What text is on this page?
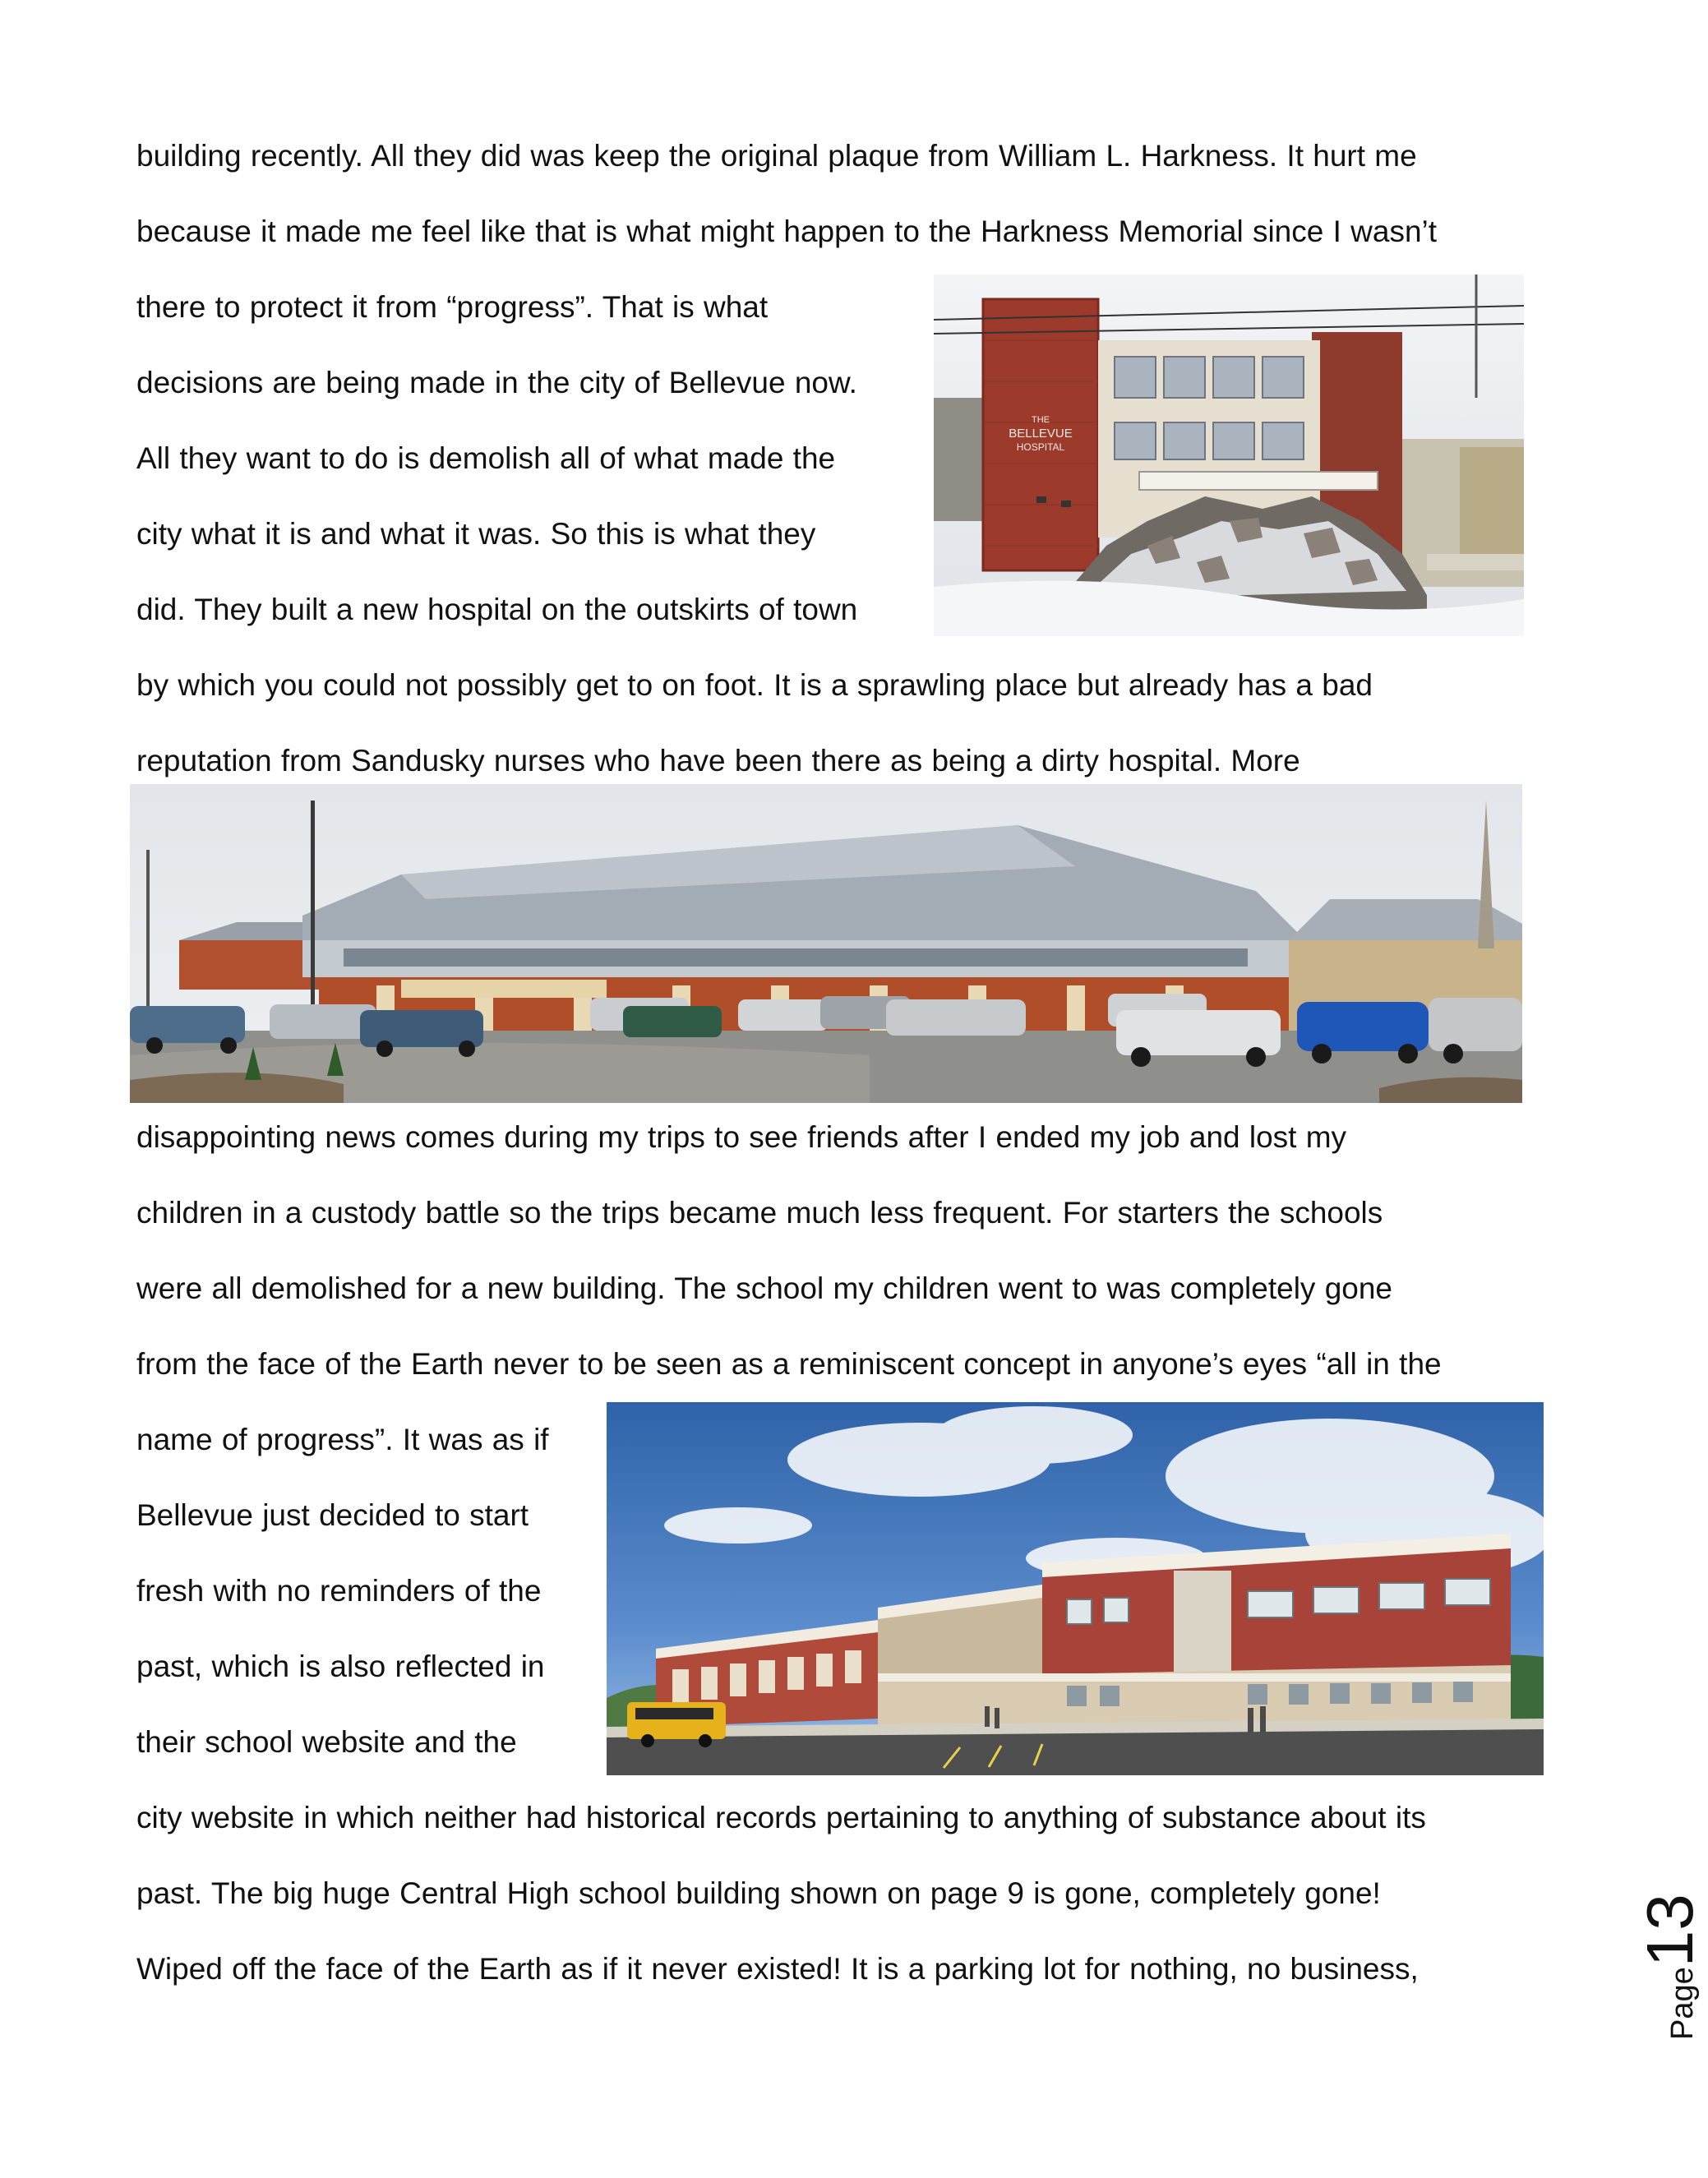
building recently. All they did was keep the original plaque from William L. Harkness. It hurt me
because it made me feel like that is what might happen to the Harkness Memorial since I wasn’t
there to protect it from “progress”. That is what
decisions are being made in the city of Bellevue now.
All they want to do is demolish all of what made the
city what it is and what it was. So this is what they
did. They built a new hospital on the outskirts of town
by which you could not possibly get to on foot. It is a sprawling place but already has a bad
reputation from Sandusky nurses who have been there as being a dirty hospital. More
disappointing news comes during my trips to see friends after I ended my job and lost my
children in a custody battle so the trips became much less frequent. For starters the schools
were all demolished for a new building. The school my children went to was completely gone
from the face of the Earth never to be seen as a reminiscent concept in anyone’s eyes “all in the
name of progress”. It was as if
Bellevue just decided to start
fresh with no reminders of the
past, which is also reflected in
their school website and the
city website in which neither had historical records pertaining to anything of substance about its
past. The big huge Central High school building shown on page 9 is gone, completely gone!
Wiped off the face of the Earth as if it never existed! It is a parking lot for nothing, no business,
THE
BELLEVUE
HOSPITAL
Page13
